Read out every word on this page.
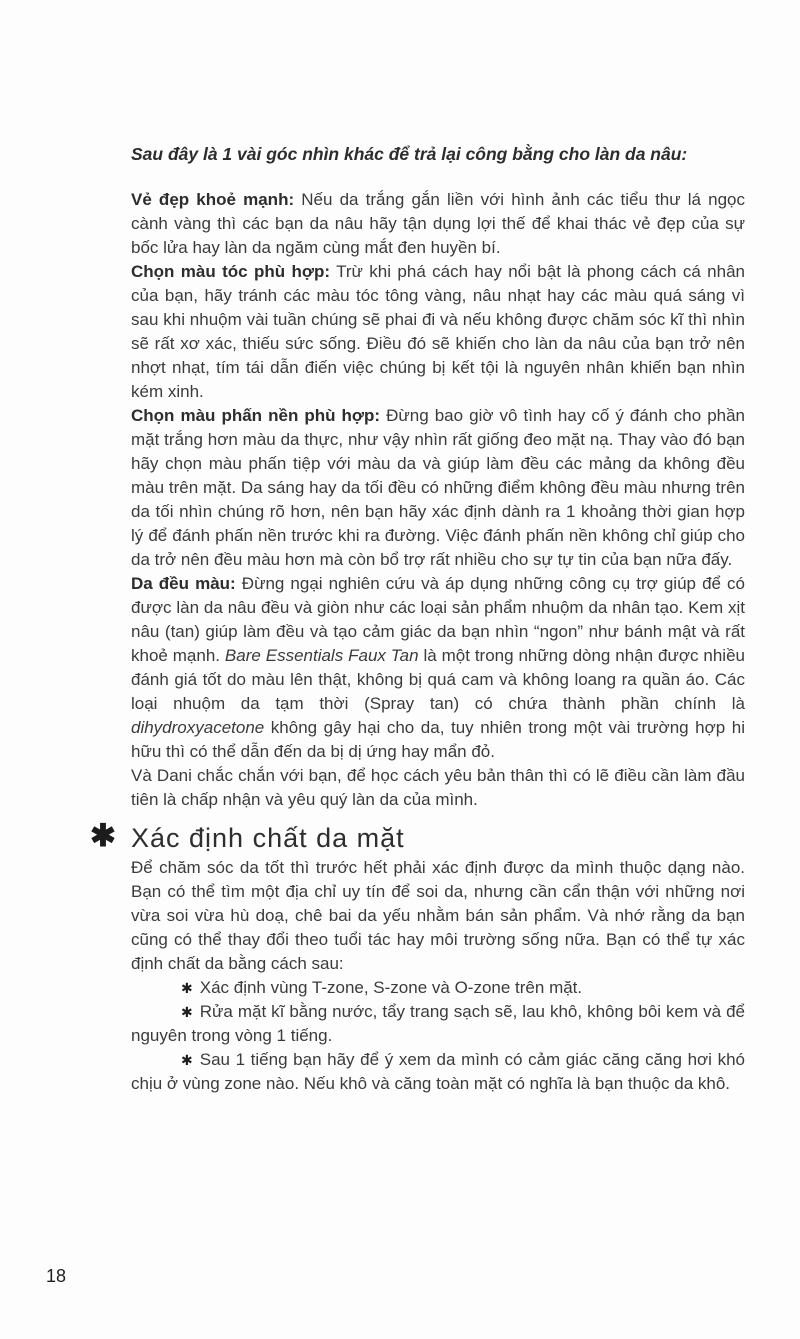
Sau đây là 1 vài góc nhìn khác để trả lại công bằng cho làn da nâu:

Vẻ đẹp khoẻ mạnh: Nếu da trắng gắn liền với hình ảnh các tiểu thư lá ngọc cành vàng thì các bạn da nâu hãy tận dụng lợi thế để khai thác vẻ đẹp của sự bốc lửa hay làn da ngăm cùng mắt đen huyền bí.

Chọn màu tóc phù hợp: Trừ khi phá cách hay nổi bật là phong cách cá nhân của bạn, hãy tránh các màu tóc tông vàng, nâu nhạt hay các màu quá sáng vì sau khi nhuộm vài tuần chúng sẽ phai đi và nếu không được chăm sóc kĩ thì nhìn sẽ rất xơ xác, thiếu sức sống. Điều đó sẽ khiến cho làn da nâu của bạn trở nên nhợt nhạt, tím tái dẫn điến việc chúng bị kết tội là nguyên nhân khiến bạn nhìn kém xinh.

Chọn màu phấn nền phù hợp: Đừng bao giờ vô tình hay cố ý đánh cho phần mặt trắng hơn màu da thực, như vậy nhìn rất giống đeo mặt nạ. Thay vào đó bạn hãy chọn màu phấn tiệp với màu da và giúp làm đều các mảng da không đều màu trên mặt. Da sáng hay da tối đều có những điểm không đều màu nhưng trên da tối nhìn chúng rõ hơn, nên bạn hãy xác định dành ra 1 khoảng thời gian hợp lý để đánh phấn nền trước khi ra đường. Việc đánh phấn nền không chỉ giúp cho da trở nên đều màu hơn mà còn bổ trợ rất nhiều cho sự tự tin của bạn nữa đấy.

Da đều màu: Đừng ngại nghiên cứu và áp dụng những công cụ trợ giúp để có được làn da nâu đều và giòn như các loại sản phẩm nhuộm da nhân tạo. Kem xịt nâu (tan) giúp làm đều và tạo cảm giác da bạn nhìn “ngon” như bánh mật và rất khoẻ mạnh. Bare Essentials Faux Tan là một trong những dòng nhận được nhiều đánh giá tốt do màu lên thật, không bị quá cam và không loang ra quần áo. Các loại nhuộm da tạm thời (Spray tan) có chứa thành phần chính là dihydroxyacetone không gây hại cho da, tuy nhiên trong một vài trường hợp hi hữu thì có thể dẫn đến da bị dị ứng hay mẩn đỏ.

Và Dani chắc chắn với bạn, để học cách yêu bản thân thì có lẽ điều cần làm đầu tiên là chấp nhận và yêu quý làn da của mình.

✱ Xác định chất da mặt

Để chăm sóc da tốt thì trước hết phải xác định được da mình thuộc dạng nào. Bạn có thể tìm một địa chỉ uy tín để soi da, nhưng cần cẩn thận với những nơi vừa soi vừa hù doạ, chê bai da yếu nhằm bán sản phẩm. Và nhớ rằng da bạn cũng có thể thay đổi theo tuổi tác hay môi trường sống nữa. Bạn có thể tự xác định chất da bằng cách sau:

✱ Xác định vùng T-zone, S-zone và O-zone trên mặt.

✱ Rửa mặt kĩ bằng nước, tẩy trang sạch sẽ, lau khô, không bôi kem và để nguyên trong vòng 1 tiếng.

✱ Sau 1 tiếng bạn hãy để ý xem da mình có cảm giác căng căng hơi khó chịu ở vùng zone nào. Nếu khô và căng toàn mặt có nghĩa là bạn thuộc da khô.

18
